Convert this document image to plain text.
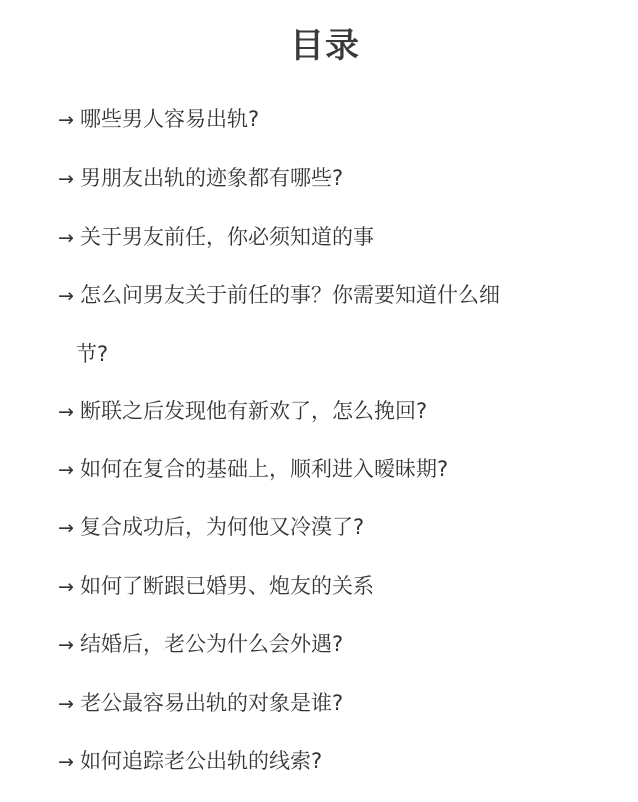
目录
→ 哪些男人容易出轨?
→ 男朋友出轨的迹象都有哪些?
→ 关于男友前任，你必须知道的事
→ 怎么问男友关于前任的事？你需要知道什么细
节?
→ 断联之后发现他有新欢了，怎么挽回?
→ 如何在复合的基础上，顺利进入暧昧期?
→ 复合成功后，为何他又冷漠了?
→ 如何了断跟已婚男、炮友的关系
→ 结婚后，老公为什么会外遇?
→ 老公最容易出轨的对象是谁?
→ 如何追踪老公出轨的线索?
